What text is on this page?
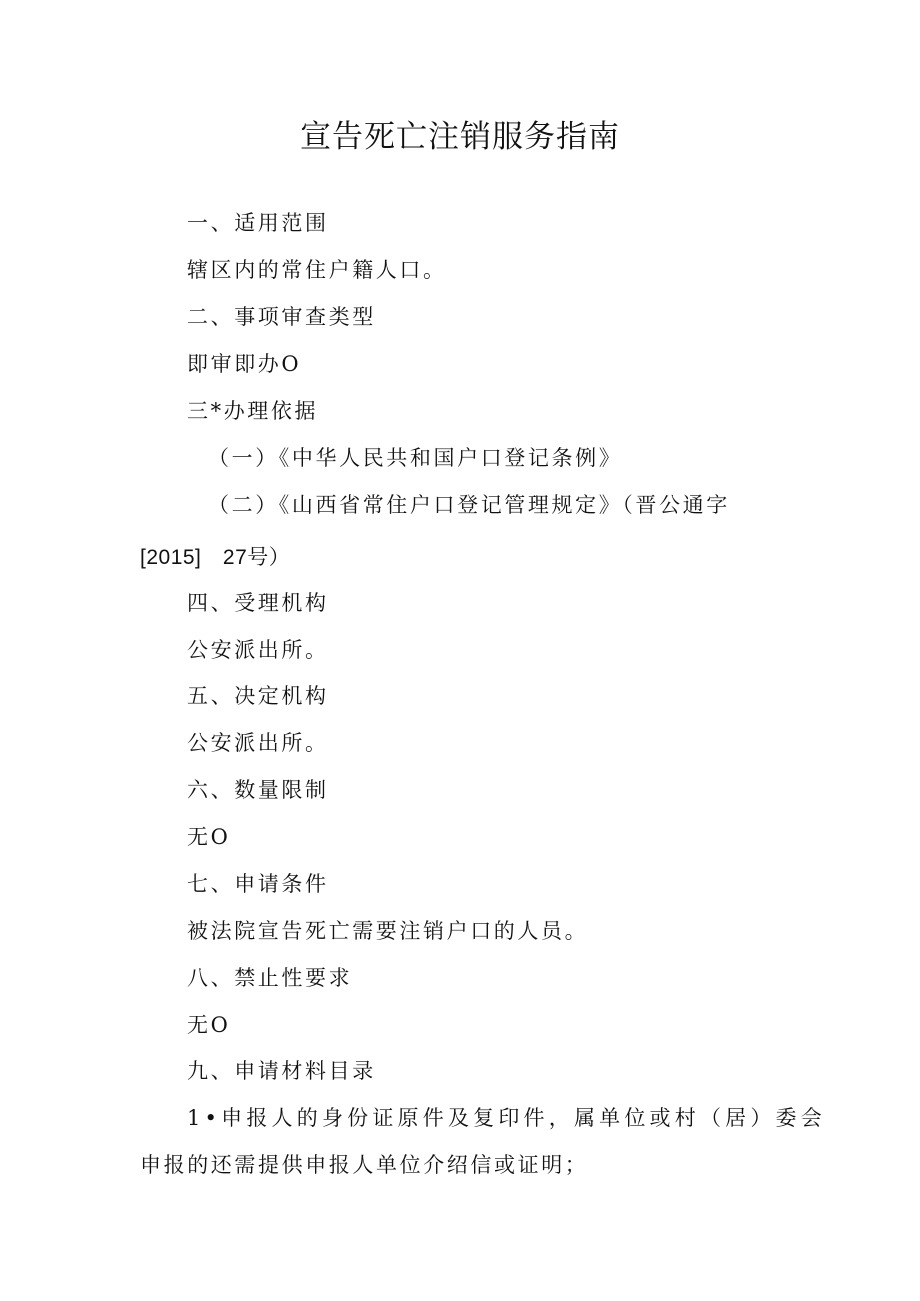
宣告死亡注销服务指南
一、适用范围
辖区内的常住户籍人口。
二、事项审查类型
即审即办O
三*办理依据
（一）《中华人民共和国户口登记条例》
（二）《山西省常住户口登记管理规定》（晋公通字
[2015]　27号）
四、受理机构
公安派出所。
五、决定机构
公安派出所。
六、数量限制
无O
七、申请条件
被法院宣告死亡需要注销户口的人员。
八、禁止性要求
无O
九、申请材料目录
1•申报人的身份证原件及复印件，属单位或村（居）委会
申报的还需提供申报人单位介绍信或证明；
